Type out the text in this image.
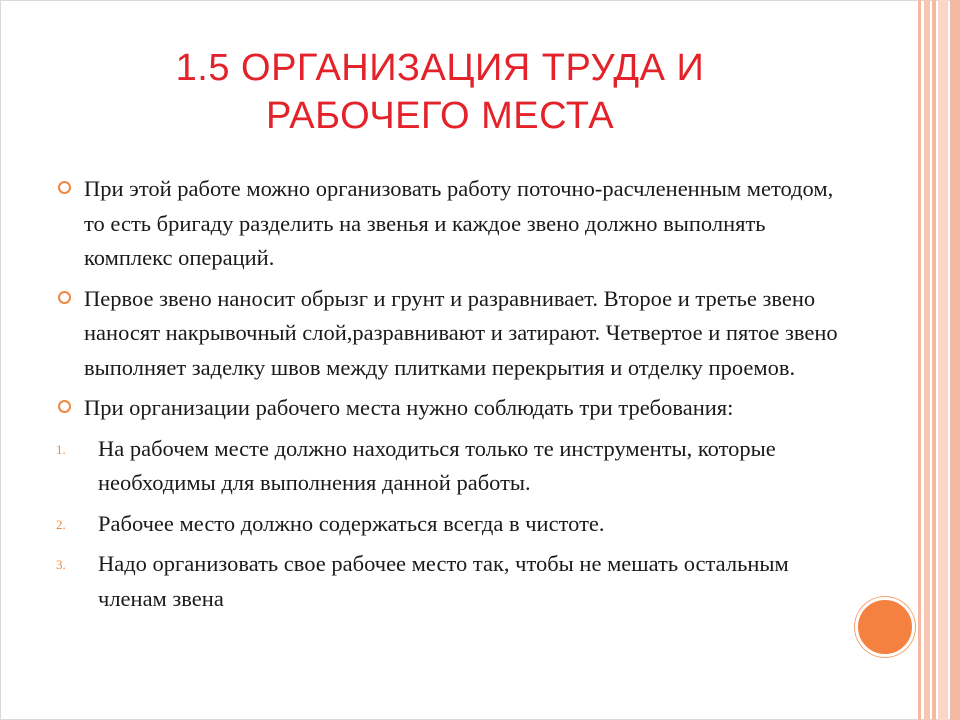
1.5 ОРГАНИЗАЦИЯ ТРУДА И
РАБОЧЕГО МЕСТА

При этой работе можно организовать работу поточно-расчлененным методом, то есть бригаду разделить на звенья и каждое звено должно выполнять комплекс операций.

Первое звено наносит обрызг и грунт и разравнивает. Второе и третье звено наносят накрывочный слой,разравнивают и затирают. Четвертое и пятое звено выполняет заделку швов между плитками перекрытия и отделку проемов.

При организации рабочего места нужно соблюдать три требования:

1. На рабочем месте должно находиться только те инструменты, которые необходимы для выполнения данной работы.

2. Рабочее место должно содержаться всегда в чистоте.

3. Надо организовать свое рабочее место так, чтобы не мешать остальным членам звена
